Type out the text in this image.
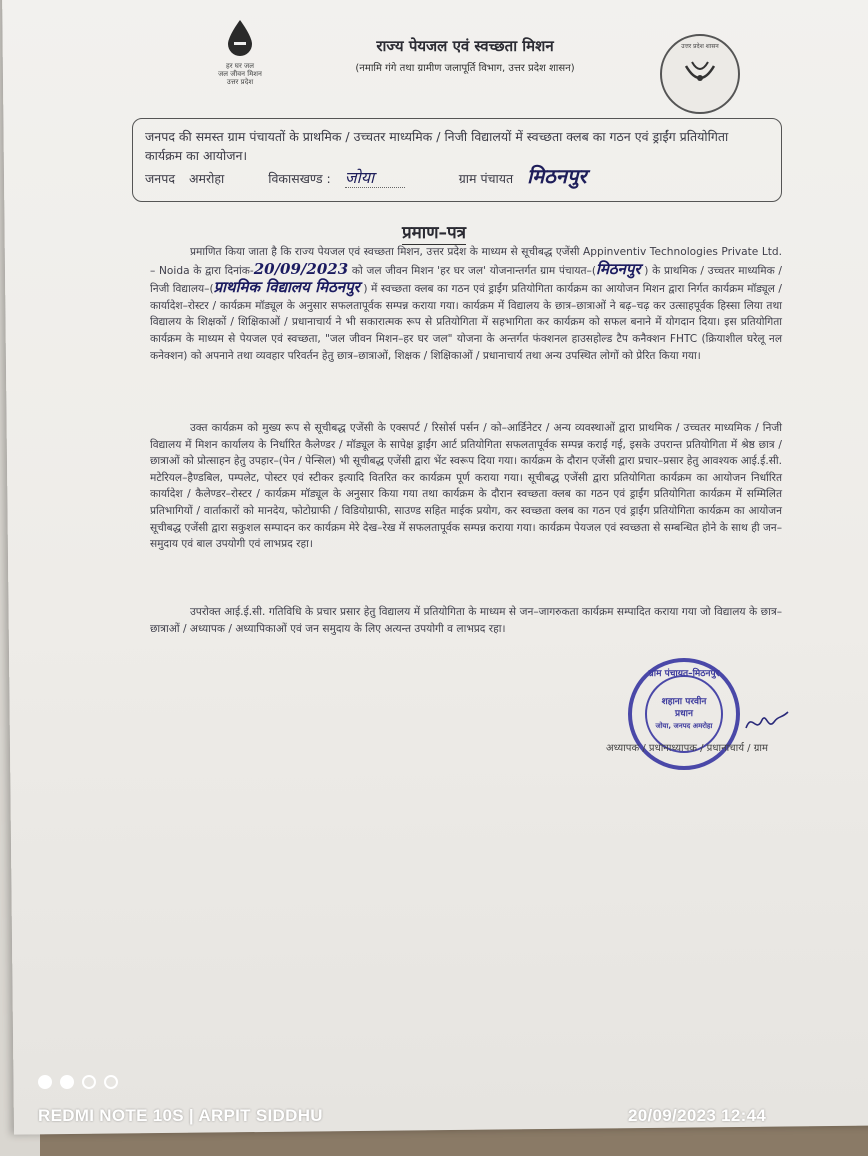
हर घर जल
जल जीवन मिशन
उत्तर प्रदेश
राज्य पेयजल एवं स्वच्छता मिशन
(नमामि गंगे तथा ग्रामीण जलापूर्ति विभाग, उत्तर प्रदेश शासन)
उत्तर प्रदेश शासन
जनपद की समस्त ग्राम पंचायतों के प्राथमिक / उच्चतर माध्यमिक / निजी विद्यालयों में स्वच्छता क्लब का गठन एवं ड्राईंग प्रतियोगिता कार्यक्रम का आयोजन।
जनपद अमरोहा	विकासखण्ड : जोया	ग्राम पंचायत मिठनपुर
प्रमाण–पत्र
प्रमाणित किया जाता है कि राज्य पेयजल एवं स्वच्छता मिशन, उत्तर प्रदेश के माध्यम से सूचीबद्ध एजेंसी Appinventiv Technologies Private Ltd. – Noida के द्वारा दिनांक-20/09/2023 को जल जीवन मिशन 'हर घर जल' योजनान्तर्गत ग्राम पंचायत–(मिठनपुर ) के प्राथमिक / उच्चतर माध्यमिक / निजी विद्यालय–(प्राथमिक विद्यालय मिठनपुर ) में स्वच्छता क्लब का गठन एवं ड्राईंग प्रतियोगिता कार्यक्रम का आयोजन मिशन द्वारा निर्गत कार्यक्रम मॉड्यूल / कार्यादेश–रोस्टर / कार्यक्रम मॉड्यूल के अनुसार सफलतापूर्वक सम्पन्न कराया गया। कार्यक्रम में विद्यालय के छात्र–छात्राओं ने बढ़–चढ़ कर उत्साहपूर्वक हिस्सा लिया तथा विद्यालय के शिक्षकों / शिक्षिकाओं / प्रधानाचार्य ने भी सकारात्मक रूप से प्रतियोगिता में सहभागिता कर कार्यक्रम को सफल बनाने में योगदान दिया। इस प्रतियोगिता कार्यक्रम के माध्यम से पेयजल एवं स्वच्छता, "जल जीवन मिशन–हर घर जल" योजना के अन्तर्गत फंक्शनल हाउसहोल्ड टैप कनैक्शन FHTC (क्रियाशील घरेलू नल कनेक्शन) को अपनाने तथा व्यवहार परिवर्तन हेतु छात्र–छात्राओं, शिक्षक / शिक्षिकाओं / प्रधानाचार्य तथा अन्य उपस्थित लोगों को प्रेरित किया गया।
उक्त कार्यक्रम को मुख्य रूप से सूचीबद्ध एजेंसी के एक्सपर्ट / रिसोर्स पर्सन / को–आर्डिनेटर / अन्य व्यवस्थाओं द्वारा प्राथमिक / उच्चतर माध्यमिक / निजी विद्यालय में मिशन कार्यालय के निर्धारित कैलेण्डर / मॉड्यूल के सापेक्ष ड्राईंग आर्ट प्रतियोगिता सफलतापूर्वक सम्पन्न कराई गई, इसके उपरान्त प्रतियोगिता में श्रेष्ठ छात्र / छात्राओं को प्रोत्साहन हेतु उपहार–(पेन / पेन्सिल) भी सूचीबद्ध एजेंसी द्वारा भेंट स्वरूप दिया गया। कार्यक्रम के दौरान एजेंसी द्वारा प्रचार–प्रसार हेतु आवश्यक आई.ई.सी. मटेरियल–हैण्डबिल, पम्पलेट, पोस्टर एवं स्टीकर इत्यादि वितरित कर कार्यक्रम पूर्ण कराया गया। सूचीबद्ध एजेंसी द्वारा प्रतियोगिता कार्यक्रम का आयोजन निर्धारित कार्यादेश / कैलेण्डर–रोस्टर / कार्यक्रम मॉड्यूल के अनुसार किया गया तथा कार्यक्रम के दौरान स्वच्छता क्लब का गठन एवं ड्राईंग प्रतियोगिता कार्यक्रम में सम्मिलित प्रतिभागियों / वार्ताकारों को मानदेय, फोटोग्राफी / विडियोग्राफी, साउण्ड सहित माईक प्रयोग, कर स्वच्छता क्लब का गठन एवं ड्राईंग प्रतियोगिता कार्यक्रम का आयोजन सूचीबद्ध एजेंसी द्वारा सकुशल सम्पादन कर कार्यक्रम मेरे देख–रेख में सफलतापूर्वक सम्पन्न कराया गया। कार्यक्रम पेयजल एवं स्वच्छता से सम्बन्धित होने के साथ ही जन–समुदाय एवं बाल उपयोगी एवं लाभप्रद रहा।
उपरोक्त आई.ई.सी. गतिविधि के प्रचार प्रसार हेतु विद्यालय में प्रतियोगिता के माध्यम से जन–जागरुकता कार्यक्रम सम्पादित कराया गया जो विद्यालय के छात्र–छात्राओं / अध्यापक / अध्यापिकाओं एवं जन समुदाय के लिए अत्यन्त उपयोगी व लाभप्रद रहा।
ग्राम पंचायत–मिठनपुर
शहाना परवीन
प्रधान
जोया, जनपद अमरोहा
अध्यापक / प्रधानाध्यापक / प्रधानाचार्य / ग्राम
REDMI NOTE 10S | ARPIT SIDDHU	20/09/2023 12:44
